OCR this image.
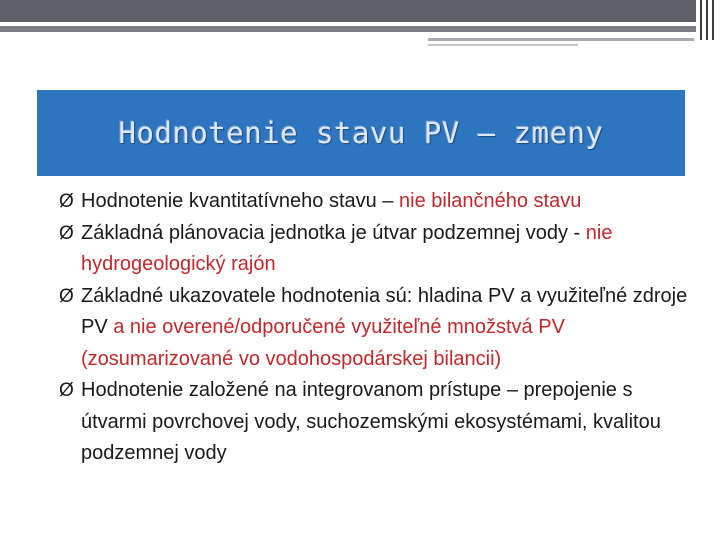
Hodnotenie stavu PV – zmeny
Ø Hodnotenie kvantitatívneho stavu – nie bilančného stavu
Ø Základná plánovacia jednotka je útvar podzemnej vody - nie hydrogeologický rajón
Ø Základné ukazovatele hodnotenia sú: hladina PV a využiteľné zdroje PV a nie overené/odporučené využiteľné množstvá PV (zosumarizované vo vodohospodárskej bilancii)
Ø Hodnotenie založené na integrovanom prístupe – prepojenie s útvarmi povrchovej vody, suchozemskými ekosystémami, kvalitou podzemnej vody
